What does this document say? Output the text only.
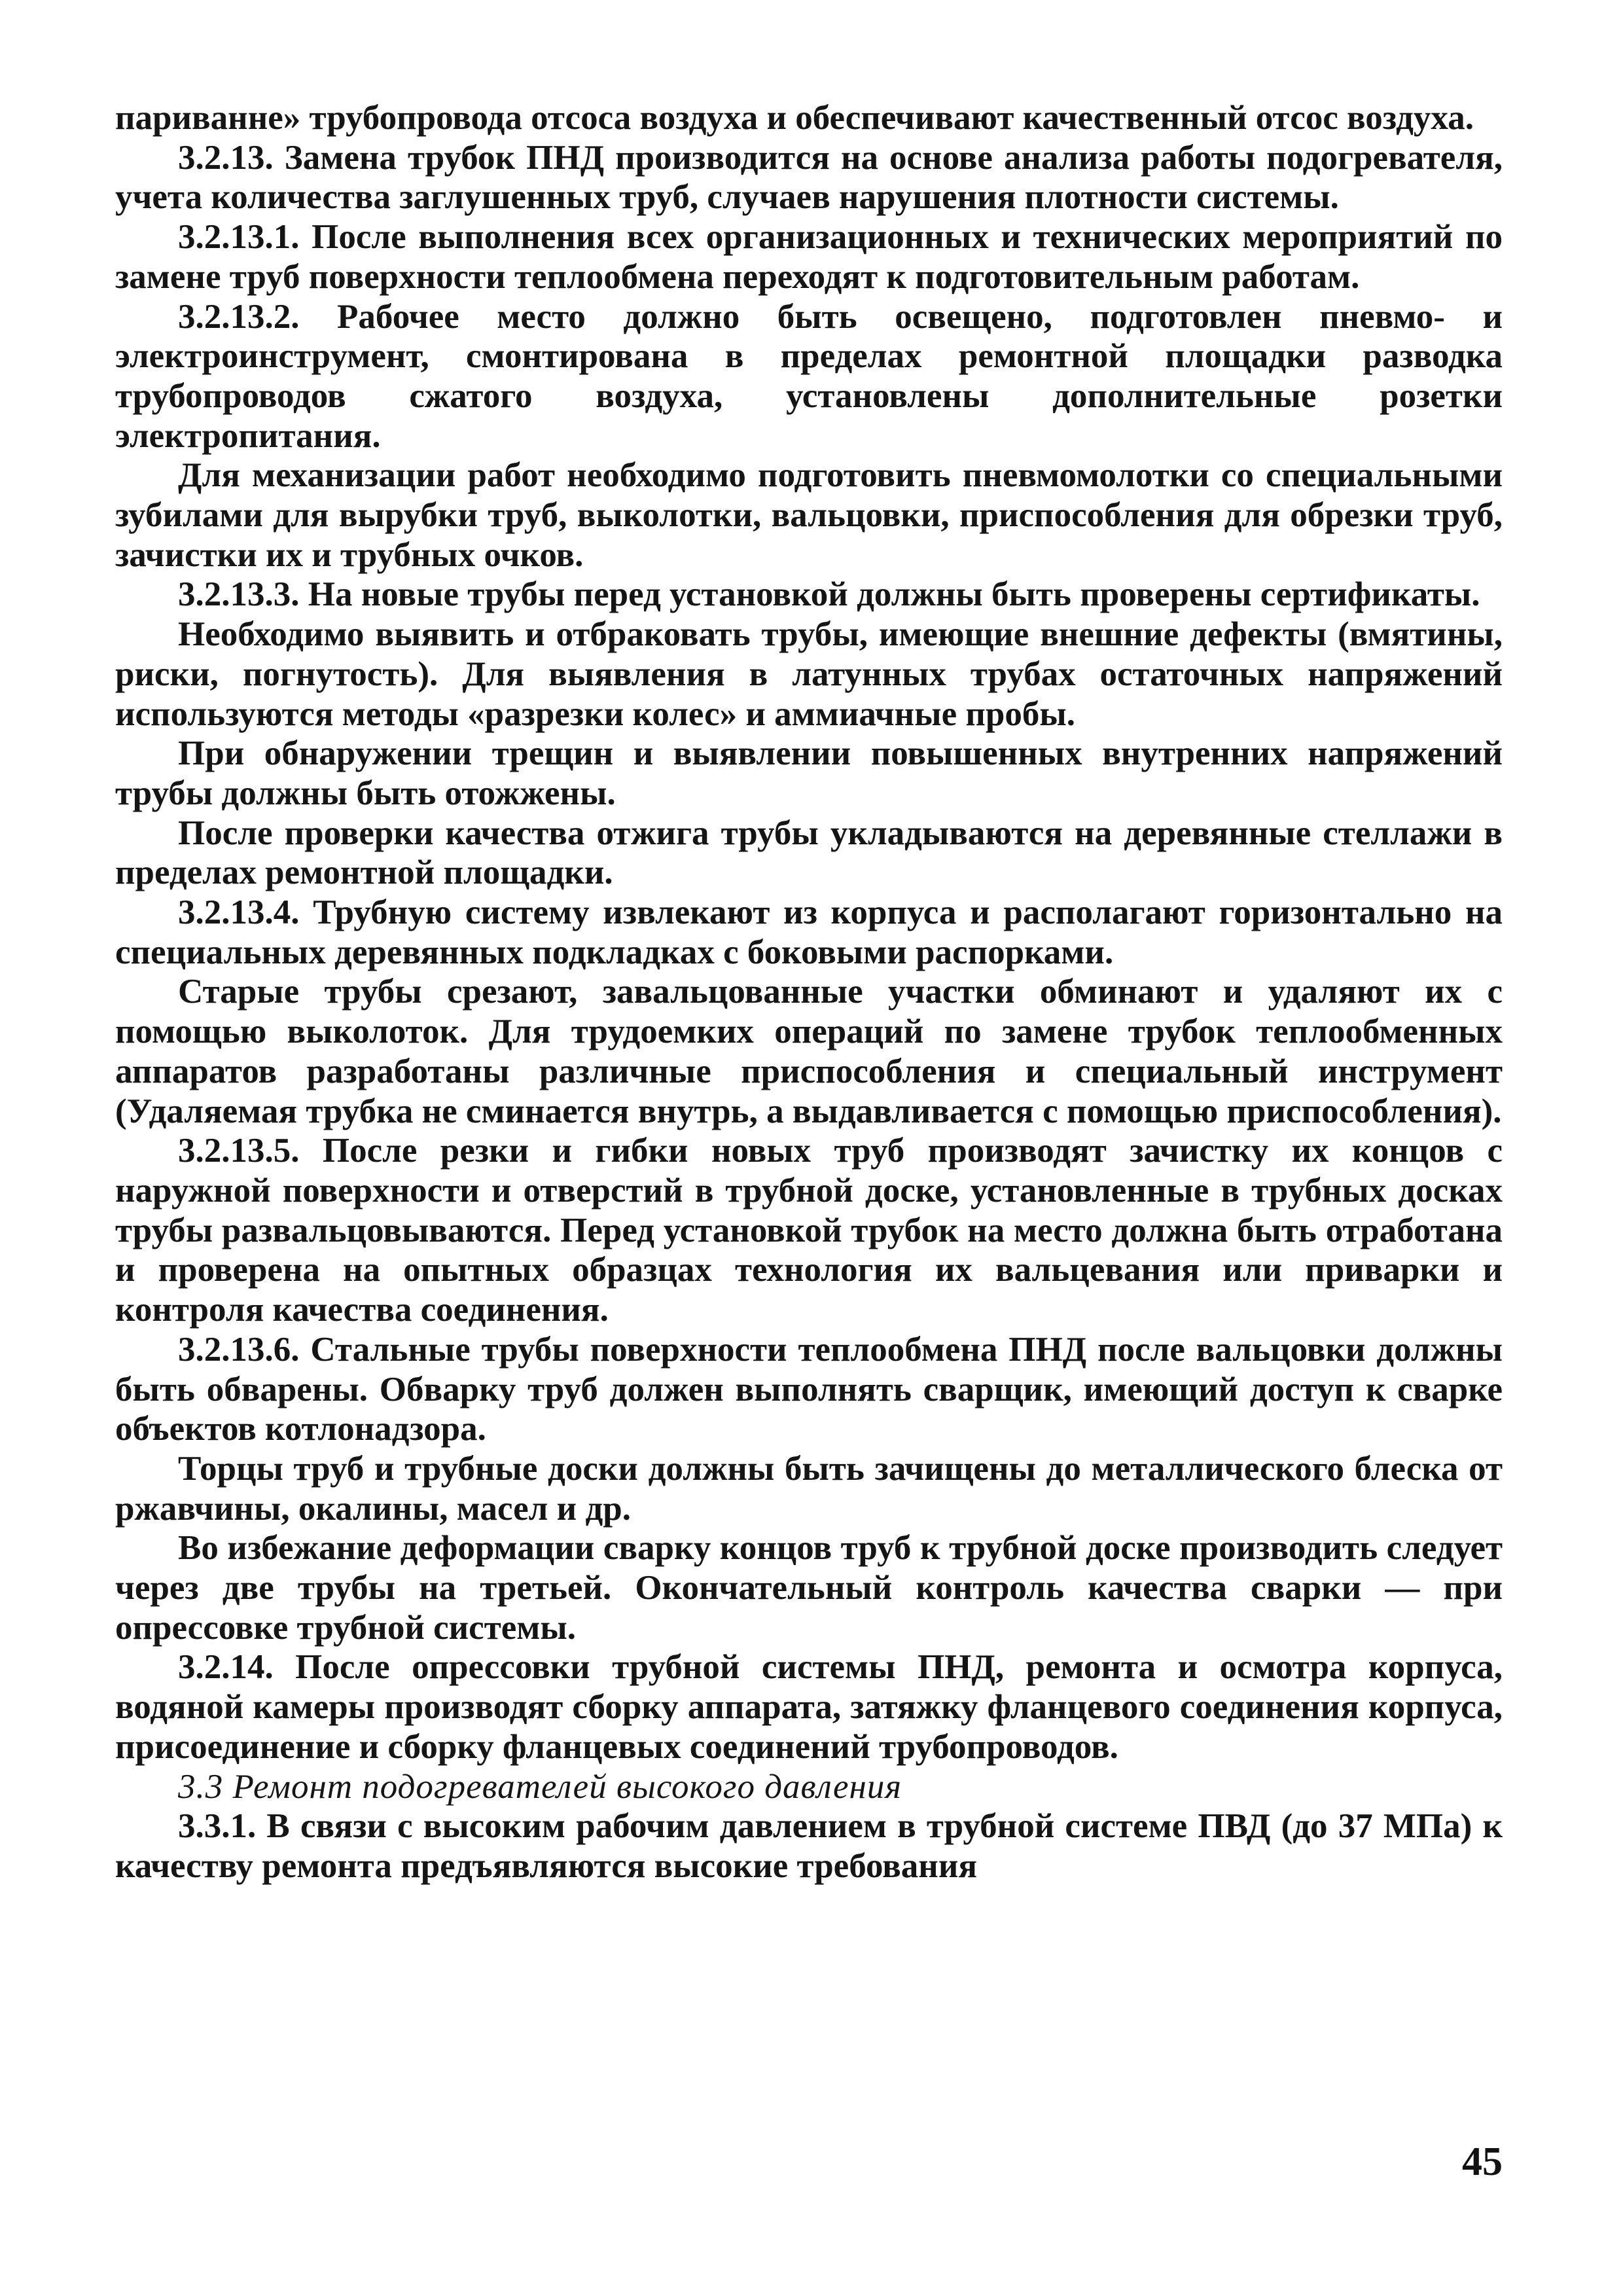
париванне» трубопровода отсоса воздуха и обеспечивают качественный отсос воздуха.

3.2.13. Замена трубок ПНД производится на основе анализа работы подогревателя, учета количества заглушенных труб, случаев нарушения плотности системы.

3.2.13.1. После выполнения всех организационных и технических мероприятий по замене труб поверхности теплообмена переходят к подготовительным работам.

3.2.13.2. Рабочее место должно быть освещено, подготовлен пневмо- и электроинструмент, смонтирована в пределах ремонтной площадки разводка трубопроводов сжатого воздуха, установлены дополнительные розетки электропитания.

Для механизации работ необходимо подготовить пневмомолотки со специальными зубилами для вырубки труб, выколотки, вальцовки, приспособления для обрезки труб, зачистки их и трубных очков.

3.2.13.3. На новые трубы перед установкой должны быть проверены сертификаты.

Необходимо выявить и отбраковать трубы, имеющие внешние дефекты (вмятины, риски, погнутость). Для выявления в латунных трубах остаточных напряжений используются методы «разрезки колес» и аммиачные пробы.

При обнаружении трещин и выявлении повышенных внутренних напряжений трубы должны быть отожжены.

После проверки качества отжига трубы укладываются на деревянные стеллажи в пределах ремонтной площадки.

3.2.13.4. Трубную систему извлекают из корпуса и располагают горизонтально на специальных деревянных подкладках с боковыми распорками.

Старые трубы срезают, завальцованные участки обминают и удаляют их с помощью выколоток. Для трудоемких операций по замене трубок теплообменных аппаратов разработаны различные приспособления и специальный инструмент (Удаляемая трубка не сминается внутрь, а выдавливается с помощью приспособления).

3.2.13.5. После резки и гибки новых труб производят зачистку их концов с наружной поверхности и отверстий в трубной доске, установленные в трубных досках трубы развальцовываются. Перед установкой трубок на место должна быть отработана и проверена на опытных образцах технология их вальцевания или приварки и контроля качества соединения.

3.2.13.6. Стальные трубы поверхности теплообмена ПНД после вальцовки должны быть обварены. Обварку труб должен выполнять сварщик, имеющий доступ к сварке объектов котлонадзора.

Торцы труб и трубные доски должны быть зачищены до металлического блеска от ржавчины, окалины, масел и др.

Во избежание деформации сварку концов труб к трубной доске производить следует через две трубы на третьей. Окончательный контроль качества сварки — при опрессовке трубной системы.

3.2.14. После опрессовки трубной системы ПНД, ремонта и осмотра корпуса, водяной камеры производят сборку аппарата, затяжку фланцевого соединения корпуса, присоединение и сборку фланцевых соединений трубопроводов.

3.3 Ремонт подогревателей высокого давления

3.3.1. В связи с высоким рабочим давлением в трубной системе ПВД (до 37 МПа) к качеству ремонта предъявляются высокие требования

45
